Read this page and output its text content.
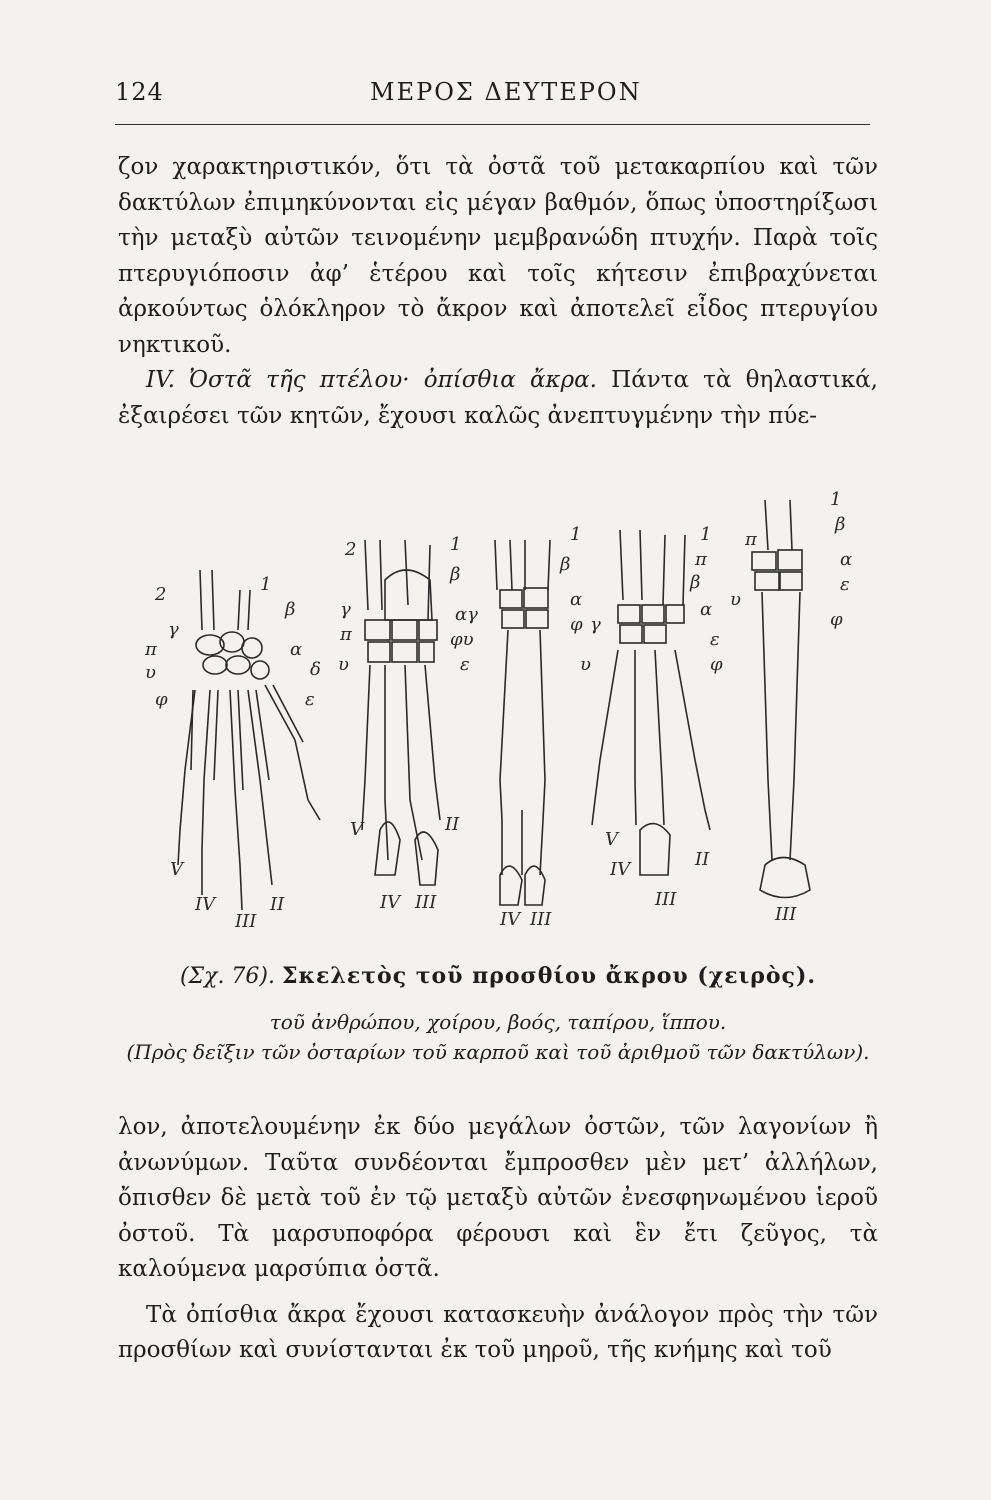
124	ΜΕΡΟΣ ΔΕΥΤΕΡΟΝ

ζον χαρακτηριστικόν, ὅτι τὰ ὀστᾶ τοῦ μετακαρπίου καὶ τῶν δακτύλων ἐπιμηκύνονται εἰς μέγαν βαθμόν, ὅπως ὑποστηρίξωσι τὴν μεταξὺ αὐτῶν τεινομένην μεμβρανώδη πτυχήν. Παρὰ τοῖς πτερυγιόποσιν ἀφ’ ἑτέρου καὶ τοῖς κήτεσιν ἐπιβραχύνεται ἀρκούντως ὁλόκληρον τὸ ἄκρον καὶ ἀποτελεῖ εἶδος πτερυγίου νηκτικοῦ.

IV. Ὀστᾶ τῆς πτέλου· ὀπίσθια ἄκρα. Πάντα τὰ θηλαστικά, ἐξαιρέσει τῶν κητῶν, ἔχουσι καλῶς ἀνεπτυγμένην τὴν πύε-

2	1
γ
β
π	α
υ	δ
φ	ε
V
IV
III
II
2	1
γ
β
π
αγ
υ
φυ
ε
V
IV III
II
1
β
α
φ
IV III
1
π
β
γ
α
υ
ε
φ
V
IV
III
II
1
β
π
α
υ
ε
φ
III
(Σχ. 76). Σκελετὸς τοῦ προσθίου ἄκρου (χειρὸς).
τοῦ ἀνθρώπου, χοίρου, βοός, ταπίρου, ἵππου.
(Πρὸς δεῖξιν τῶν ὀσταρίων τοῦ καρποῦ καὶ τοῦ ἀριθμοῦ τῶν δακτύλων).

λον, ἀποτελουμένην ἐκ δύο μεγάλων ὀστῶν, τῶν λαγονίων ἢ ἀνωνύμων. Ταῦτα συνδέονται ἔμπροσθεν μὲν μετ’ ἀλλήλων, ὄπισθεν δὲ μετὰ τοῦ ἐν τῷ μεταξὺ αὐτῶν ἐνεσφηνωμένου ἱεροῦ ὀστοῦ. Τὰ μαρσυποφόρα φέρουσι καὶ ἓν ἔτι ζεῦγος, τὰ καλούμενα μαρσύπια ὀστᾶ.

Τὰ ὀπίσθια ἄκρα ἔχουσι κατασκευὴν ἀνάλογον πρὸς τὴν τῶν προσθίων καὶ συνίστανται ἐκ τοῦ μηροῦ, τῆς κνήμης καὶ τοῦ
